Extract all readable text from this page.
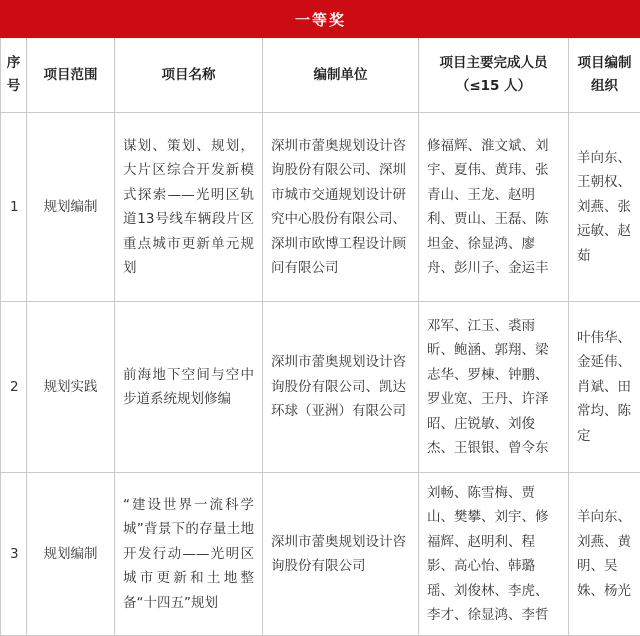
一等奖					
序号	项目范围	项目名称	编制单位	项目主要完成人员（≤15 人）	项目编制组织
1	规划编制	谋划、策划、规划，大片区综合开发新模式探索——光明区轨道13号线车辆段片区重点城市更新单元规划	深圳市蕾奥规划设计咨询股份有限公司、深圳市城市交通规划设计研究中心股份有限公司、深圳市欧博工程设计顾问有限公司	修福辉、淮文斌、刘宇、夏伟、黄玮、张青山、王龙、赵明利、贾山、王磊、陈坦金、徐显鸿、廖舟、彭川子、金运丰	羊向东、王朝权、刘燕、张远敏、赵茹
2	规划实践	前海地下空间与空中步道系统规划修编	深圳市蕾奥规划设计咨询股份有限公司、凯达环球（亚洲）有限公司	邓军、江玉、裘雨昕、鲍涵、郭翔、梁志华、罗棟、钟鹏、罗业宽、王丹、许泽昭、庄锐敏、刘俊杰、王银银、曾令东	叶伟华、金延伟、肖斌、田常均、陈定
3	规划编制	“建设世界一流科学城”背景下的存量土地开发行动——光明区城市更新和土地整备“十四五”规划	深圳市蕾奥规划设计咨询股份有限公司	刘畅、陈雪梅、贾山、樊攀、刘宇、修福辉、赵明利、程影、高心怡、韩璐瑶、刘俊林、李虎、李才、徐显鸿、李哲	羊向东、刘燕、黄明、吴姝、杨光
